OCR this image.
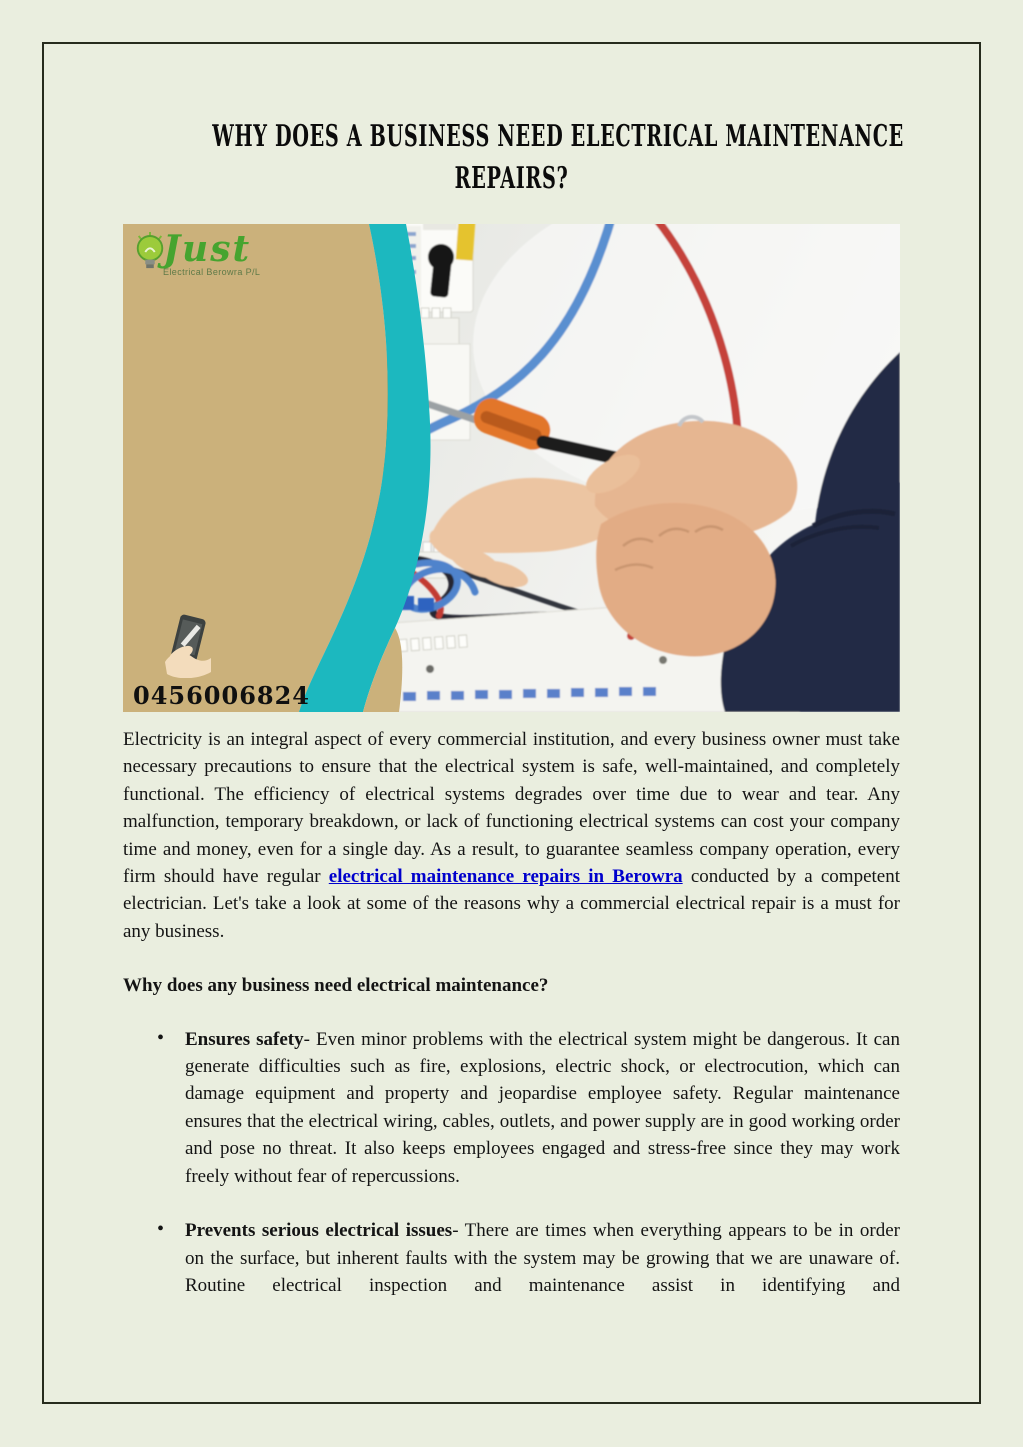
WHY DOES A BUSINESS NEED ELECTRICAL MAINTENANCE
REPAIRS?
Just
Electrical Berowra P/L
0456006824

Electricity is an integral aspect of every commercial institution, and every business owner must take necessary precautions to ensure that the electrical system is safe, well-maintained, and completely functional. The efficiency of electrical systems degrades over time due to wear and tear. Any malfunction, temporary breakdown, or lack of functioning electrical systems can cost your company time and money, even for a single day. As a result, to guarantee seamless company operation, every firm should have regular electrical maintenance repairs in Berowra conducted by a competent electrician. Let's take a look at some of the reasons why a commercial electrical repair is a must for any business.

Why does any business need electrical maintenance?

• Ensures safety- Even minor problems with the electrical system might be dangerous. It can generate difficulties such as fire, explosions, electric shock, or electrocution, which can damage equipment and property and jeopardise employee safety. Regular maintenance ensures that the electrical wiring, cables, outlets, and power supply are in good working order and pose no threat. It also keeps employees engaged and stress-free since they may work freely without fear of repercussions.
• Prevents serious electrical issues- There are times when everything appears to be in order on the surface, but inherent faults with the system may be growing that we are unaware of. Routine electrical inspection and maintenance assist in identifying and
